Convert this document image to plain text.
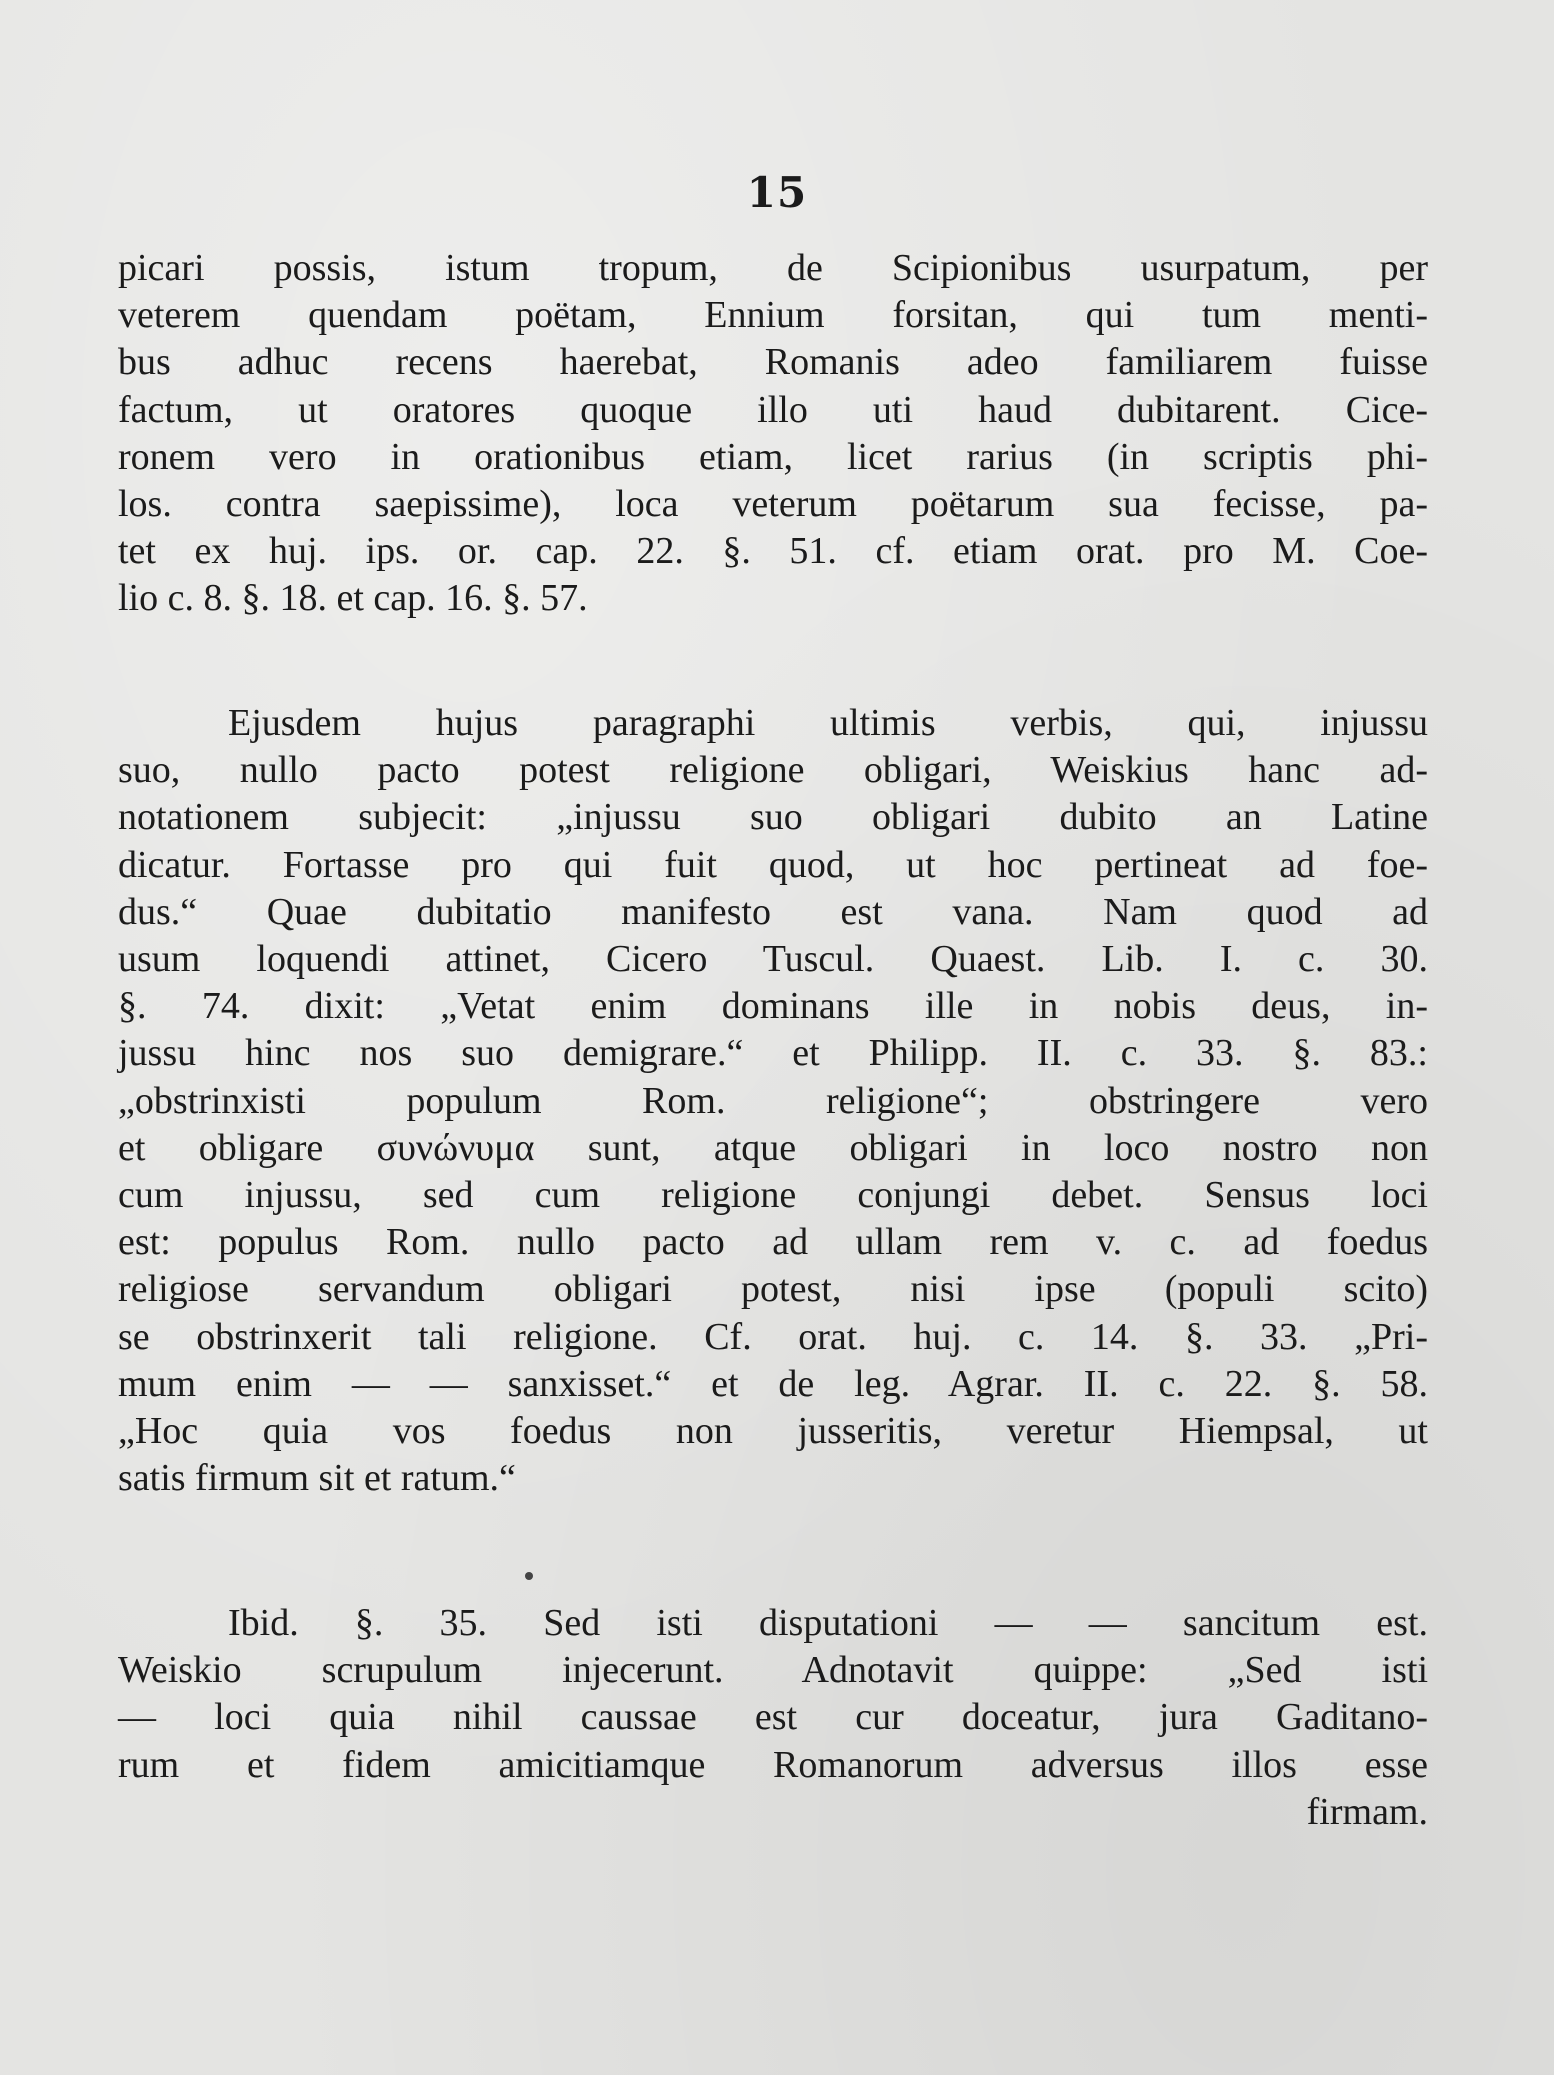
15
picari possis, istum tropum, de Scipionibus usurpatum, per
veterem quendam poëtam, Ennium forsitan, qui tum menti-
bus adhuc recens haerebat, Romanis adeo familiarem fuisse
factum, ut oratores quoque illo uti haud dubitarent. Cice-
ronem vero in orationibus etiam, licet rarius (in scriptis phi-
los. contra saepissime), loca veterum poëtarum sua fecisse, pa-
tet ex huj. ips. or. cap. 22. §. 51. cf. etiam orat. pro M. Coe-
lio c. 8. §. 18. et cap. 16. §. 57.
Ejusdem hujus paragraphi ultimis verbis, qui, injussu
suo, nullo pacto potest religione obligari, Weiskius hanc ad-
notationem subjecit: „injussu suo obligari dubito an Latine
dicatur. Fortasse pro qui fuit quod, ut hoc pertineat ad foe-
dus.“ Quae dubitatio manifesto est vana. Nam quod ad
usum loquendi attinet, Cicero Tuscul. Quaest. Lib. I. c. 30.
§. 74. dixit: „Vetat enim dominans ille in nobis deus, in-
jussu hinc nos suo demigrare.“ et Philipp. II. c. 33. §. 83.:
„obstrinxisti populum Rom. religione“; obstringere vero
et obligare συνώνυμα sunt, atque obligari in loco nostro non
cum injussu, sed cum religione conjungi debet. Sensus loci
est: populus Rom. nullo pacto ad ullam rem v. c. ad foedus
religiose servandum obligari potest, nisi ipse (populi scito)
se obstrinxerit tali religione. Cf. orat. huj. c. 14. §. 33. „Pri-
mum enim — — sanxisset.“ et de leg. Agrar. II. c. 22. §. 58.
„Hoc quia vos foedus non jusseritis, veretur Hiempsal, ut
satis firmum sit et ratum.“
Ibid. §. 35. Sed isti disputationi — — sancitum est.
Weiskio scrupulum injecerunt. Adnotavit quippe: „Sed isti
— loci quia nihil caussae est cur doceatur, jura Gaditano-
rum et fidem amicitiamque Romanorum adversus illos esse
firmam.
